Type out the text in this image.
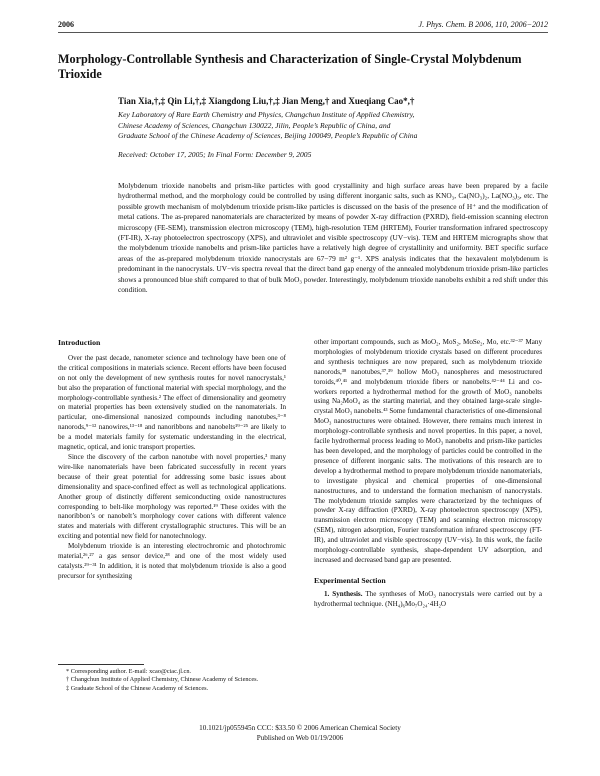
2006	J. Phys. Chem. B 2006, 110, 2006−2012
Morphology-Controllable Synthesis and Characterization of Single-Crystal Molybdenum Trioxide
Tian Xia,†,‡ Qin Li,†,‡ Xiangdong Liu,†,‡ Jian Meng,† and Xueqiang Cao*,†
Key Laboratory of Rare Earth Chemistry and Physics, Changchun Institute of Applied Chemistry,
Chinese Academy of Sciences, Changchun 130022, Jilin, People’s Republic of China, and
Graduate School of the Chinese Academy of Sciences, Beijing 100049, People’s Republic of China
Received: October 17, 2005; In Final Form: December 9, 2005
Molybdenum trioxide nanobelts and prism-like particles with good crystallinity and high surface areas have been prepared by a facile hydrothermal method, and the morphology could be controlled by using different inorganic salts, such as KNO₃, Ca(NO₃)₂, La(NO₃)₃, etc. The possible growth mechanism of molybdenum trioxide prism-like particles is discussed on the basis of the presence of H⁺ and the modification of metal cations. The as-prepared nanomaterials are characterized by means of powder X-ray diffraction (PXRD), field-emission scanning electron microscopy (FE-SEM), transmission electron microscopy (TEM), high-resolution TEM (HRTEM), Fourier transformation infrared spectroscopy (FT-IR), X-ray photoelectron spectroscopy (XPS), and ultraviolet and visible spectroscopy (UV−vis). TEM and HRTEM micrographs show that the molybdenum trioxide nanobelts and prism-like particles have a relatively high degree of crystallinity and uniformity. BET specific surface areas of the as-prepared molybdenum trioxide nanocrystals are 67−79 m² g⁻¹. XPS analysis indicates that the hexavalent molybdenum is predominant in the nanocrystals. UV−vis spectra reveal that the direct band gap energy of the annealed molybdenum trioxide prism-like particles shows a pronounced blue shift compared to that of bulk MoO₃ powder. Interestingly, molybdenum trioxide nanobelts exhibit a red shift under this condition.
Introduction

Over the past decade, nanometer science and technology have been one of the critical compositions in materials science. Recent efforts have been focused on not only the development of new synthesis routes for novel nanocrystals,¹ but also the preparation of functional material with special morphology, and the morphology-controllable synthesis.² The effect of dimensionality and geometry on material properties has been extensively studied on the nanomaterials. In particular, one-dimensional nanosized compounds including nanotubes,³⁻⁸ nanorods,⁹⁻¹² nanowires,¹³⁻¹⁸ and nanoribbons and nanobelts¹⁹⁻²⁵ are likely to be a model materials family for systematic understanding in the electrical, magnetic, optical, and ionic transport properties.

Since the discovery of the carbon nanotube with novel properties,³ many wire-like nanomaterials have been fabricated successfully in recent years because of their great potential for addressing some basic issues about dimensionality and space-confined effect as well as technological applications. Another group of distinctly different semiconducting oxide nanostructures corresponding to belt-like morphology was reported.¹⁹ These oxides with the nanoribbon’s or nanobelt’s morphology cover cations with different valence states and materials with different crystallographic structures. This will be an exciting and potential new field for nanotechnology.

Molybdenum trioxide is an interesting electrochromic and photochromic material,²⁶,²⁷ a gas sensor device,²⁸ and one of the most widely used catalysts.²⁹⁻³¹ In addition, it is noted that molybdenum trioxide is also a good precursor for synthesizing

* Corresponding author. E-mail: xcao@ciac.jl.cn.
† Changchun Institute of Applied Chemistry, Chinese Academy of Sciences.
‡ Graduate School of the Chinese Academy of Sciences.

other important compounds, such as MoO₂, MoS₂, MoSe₂, Mo, etc.³²⁻³⁷ Many morphologies of molybdenum trioxide crystals based on different procedures and synthesis techniques are now prepared, such as molybdenum trioxide nanorods,³⁸ nanotubes,³⁷,³⁹ hollow MoO₃ nanospheres and mesostructured toroids,⁴⁰,⁴¹ and molybdenum trioxide fibers or nanobelts.⁴²⁻⁴⁴ Li and co-workers reported a hydrothermal method for the growth of MoO₃ nanobelts using Na₂MoO₄ as the starting material, and they obtained large-scale single-crystal MoO₃ nanobelts.⁴³ Some fundamental characteristics of one-dimensional MoO₃ nanostructures were obtained. However, there remains much interest in morphology-controllable synthesis and novel properties. In this paper, a novel, facile hydrothermal process leading to MoO₃ nanobelts and prism-like particles has been developed, and the morphology of particles could be controlled in the presence of different inorganic salts. The motivations of this research are to develop a hydrothermal method to prepare molybdenum trioxide nanomaterials, to investigate physical and chemical properties of one-dimensional nanostructures, and to understand the formation mechanism of nanocrystals. The molybdenum trioxide samples were characterized by the techniques of powder X-ray diffraction (PXRD), X-ray photoelectron spectroscopy (XPS), transmission electron microscopy (TEM) and scanning electron microscopy (SEM), nitrogen adsorption, Fourier transformation infrared spectroscopy (FT-IR), and ultraviolet and visible spectroscopy (UV−vis). In this work, the facile morphology-controllable synthesis, shape-dependent UV adsorption, and increased and decreased band gap are presented.

Experimental Section

1. Synthesis. The syntheses of MoO₃ nanocrystals were carried out by a hydrothermal technique. (NH₄)₆Mo₇O₂₄·4H₂O

10.1021/jp055945n CCC: $33.50 © 2006 American Chemical Society
Published on Web 01/19/2006
